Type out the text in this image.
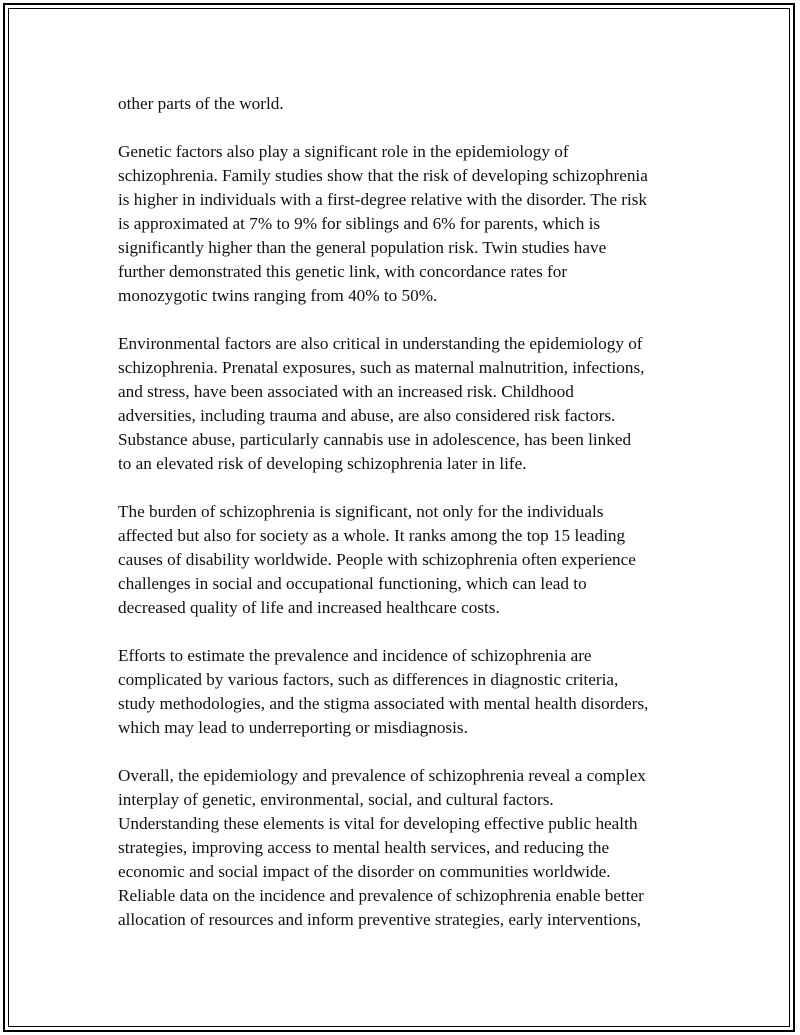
other parts of the world.

Genetic factors also play a significant role in the epidemiology of
schizophrenia. Family studies show that the risk of developing schizophrenia
is higher in individuals with a first-degree relative with the disorder. The risk
is approximated at 7% to 9% for siblings and 6% for parents, which is
significantly higher than the general population risk. Twin studies have
further demonstrated this genetic link, with concordance rates for
monozygotic twins ranging from 40% to 50%.

Environmental factors are also critical in understanding the epidemiology of
schizophrenia. Prenatal exposures, such as maternal malnutrition, infections,
and stress, have been associated with an increased risk. Childhood
adversities, including trauma and abuse, are also considered risk factors.
Substance abuse, particularly cannabis use in adolescence, has been linked
to an elevated risk of developing schizophrenia later in life.

The burden of schizophrenia is significant, not only for the individuals
affected but also for society as a whole. It ranks among the top 15 leading
causes of disability worldwide. People with schizophrenia often experience
challenges in social and occupational functioning, which can lead to
decreased quality of life and increased healthcare costs.

Efforts to estimate the prevalence and incidence of schizophrenia are
complicated by various factors, such as differences in diagnostic criteria,
study methodologies, and the stigma associated with mental health disorders,
which may lead to underreporting or misdiagnosis.

Overall, the epidemiology and prevalence of schizophrenia reveal a complex
interplay of genetic, environmental, social, and cultural factors.
Understanding these elements is vital for developing effective public health
strategies, improving access to mental health services, and reducing the
economic and social impact of the disorder on communities worldwide.
Reliable data on the incidence and prevalence of schizophrenia enable better
allocation of resources and inform preventive strategies, early interventions,
